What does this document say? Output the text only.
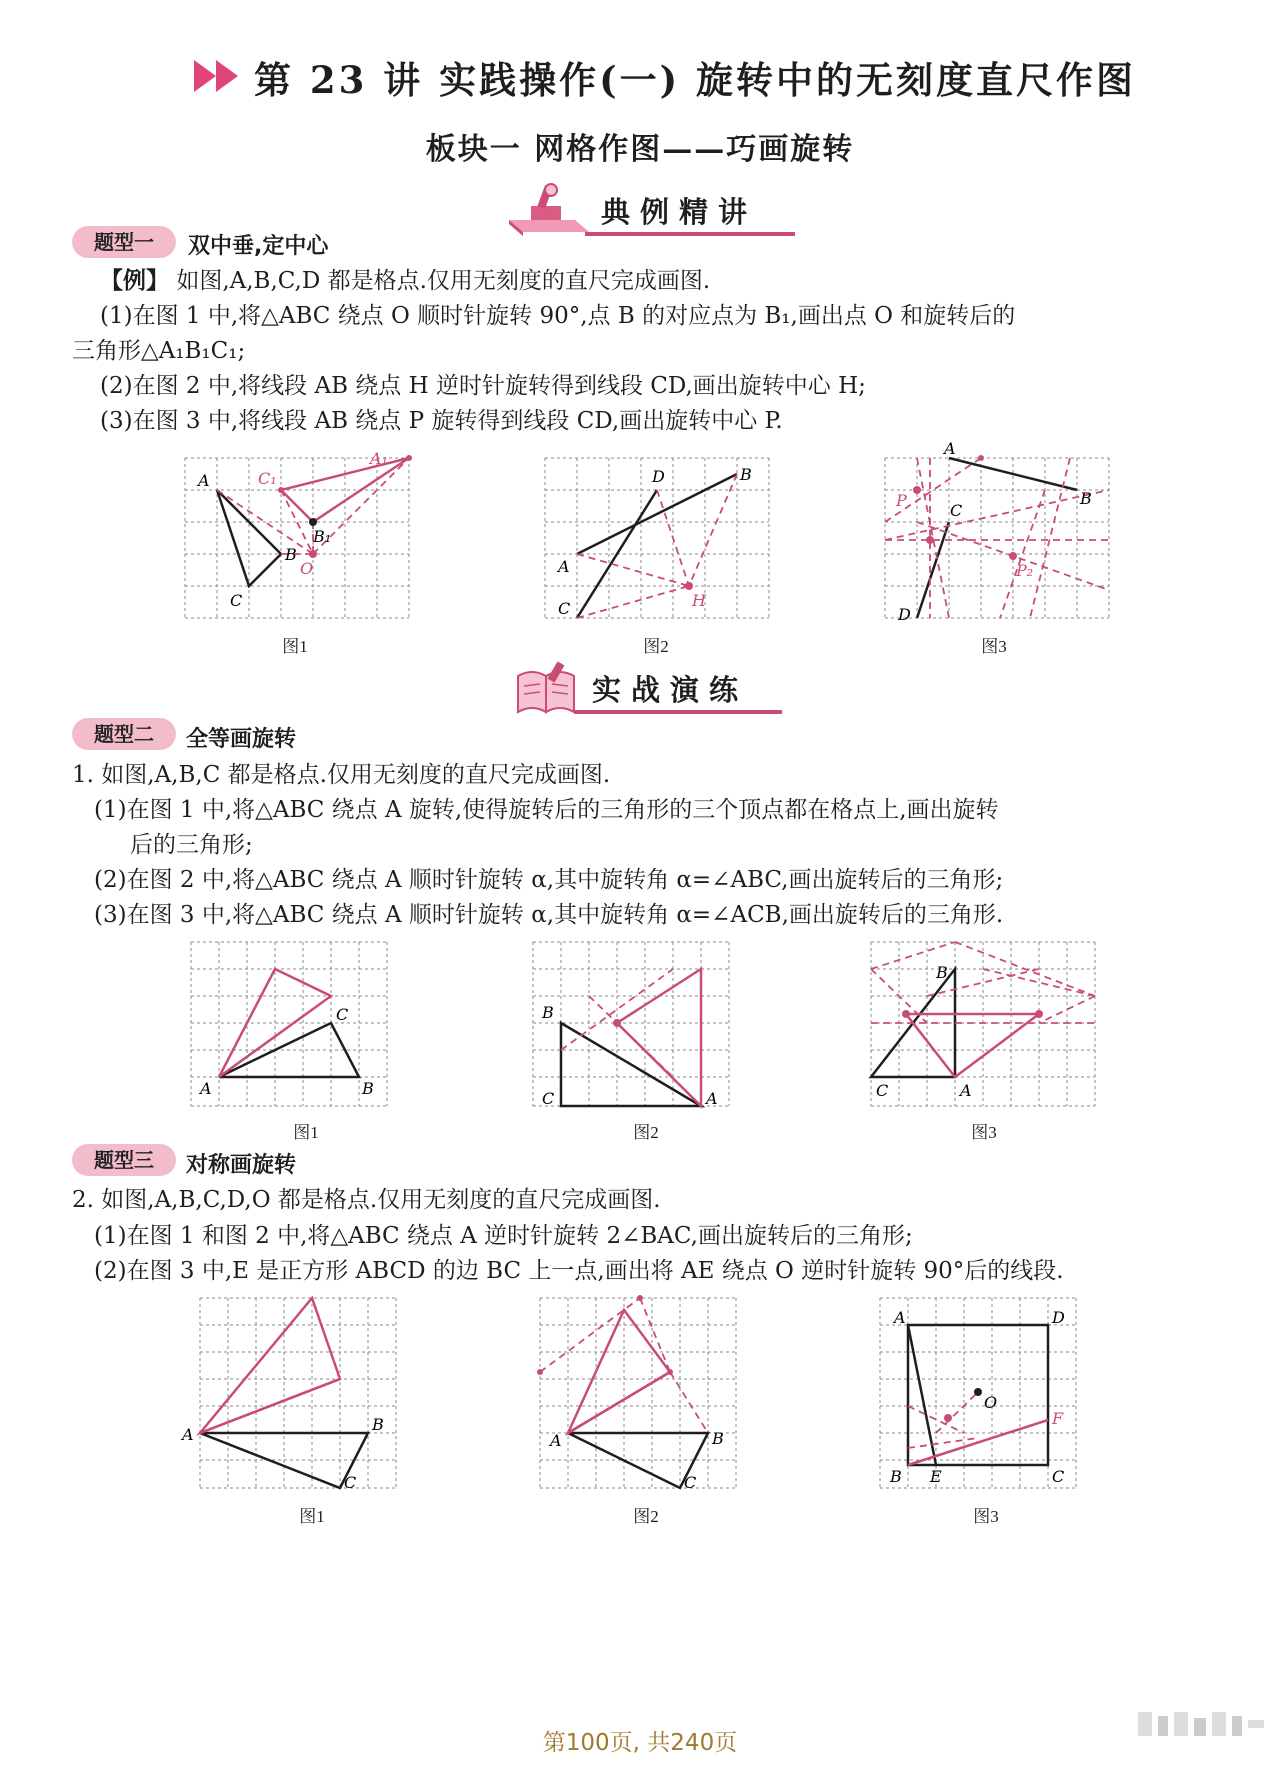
第 23 讲 实践操作(一) 旋转中的无刻度直尺作图
板块一 网格作图——巧画旋转
典例精讲
题型一	双中垂,定中心
【例】 如图,A,B,C,D 都是格点.仅用无刻度的直尺完成画图.
(1)在图 1 中,将△ABC 绕点 O 顺时针旋转 90°,点 B 的对应点为 B₁,画出点 O 和旋转后的
三角形△A₁B₁C₁;
(2)在图 2 中,将线段 AB 绕点 H 逆时针旋转得到线段 CD,画出旋转中心 H;
(3)在图 3 中,将线段 AB 绕点 P 旋转得到线段 CD,画出旋转中心 P.
A
B
C
A₁
B₁
C₁
O
图1
A
B
C
D
H
图2
A
B
C
D
P
P₂
图3
实战演练
题型二	全等画旋转
1. 如图,A,B,C 都是格点.仅用无刻度的直尺完成画图.
(1)在图 1 中,将△ABC 绕点 A 旋转,使得旋转后的三角形的三个顶点都在格点上,画出旋转
后的三角形;
(2)在图 2 中,将△ABC 绕点 A 顺时针旋转 α,其中旋转角 α=∠ABC,画出旋转后的三角形;
(3)在图 3 中,将△ABC 绕点 A 顺时针旋转 α,其中旋转角 α=∠ACB,画出旋转后的三角形.
A	B
C
图1
B
C	A
图2
B
C	A
图3
题型三	对称画旋转
2. 如图,A,B,C,D,O 都是格点.仅用无刻度的直尺完成画图.
(1)在图 1 和图 2 中,将△ABC 绕点 A 逆时针旋转 2∠BAC,画出旋转后的三角形;
(2)在图 3 中,E 是正方形 ABCD 的边 BC 上一点,画出将 AE 绕点 O 逆时针旋转 90°后的线段.
A
B
C
图1
A	B
C
图2
A	D
B E	C
F
O
图3
第100页, 共240页
